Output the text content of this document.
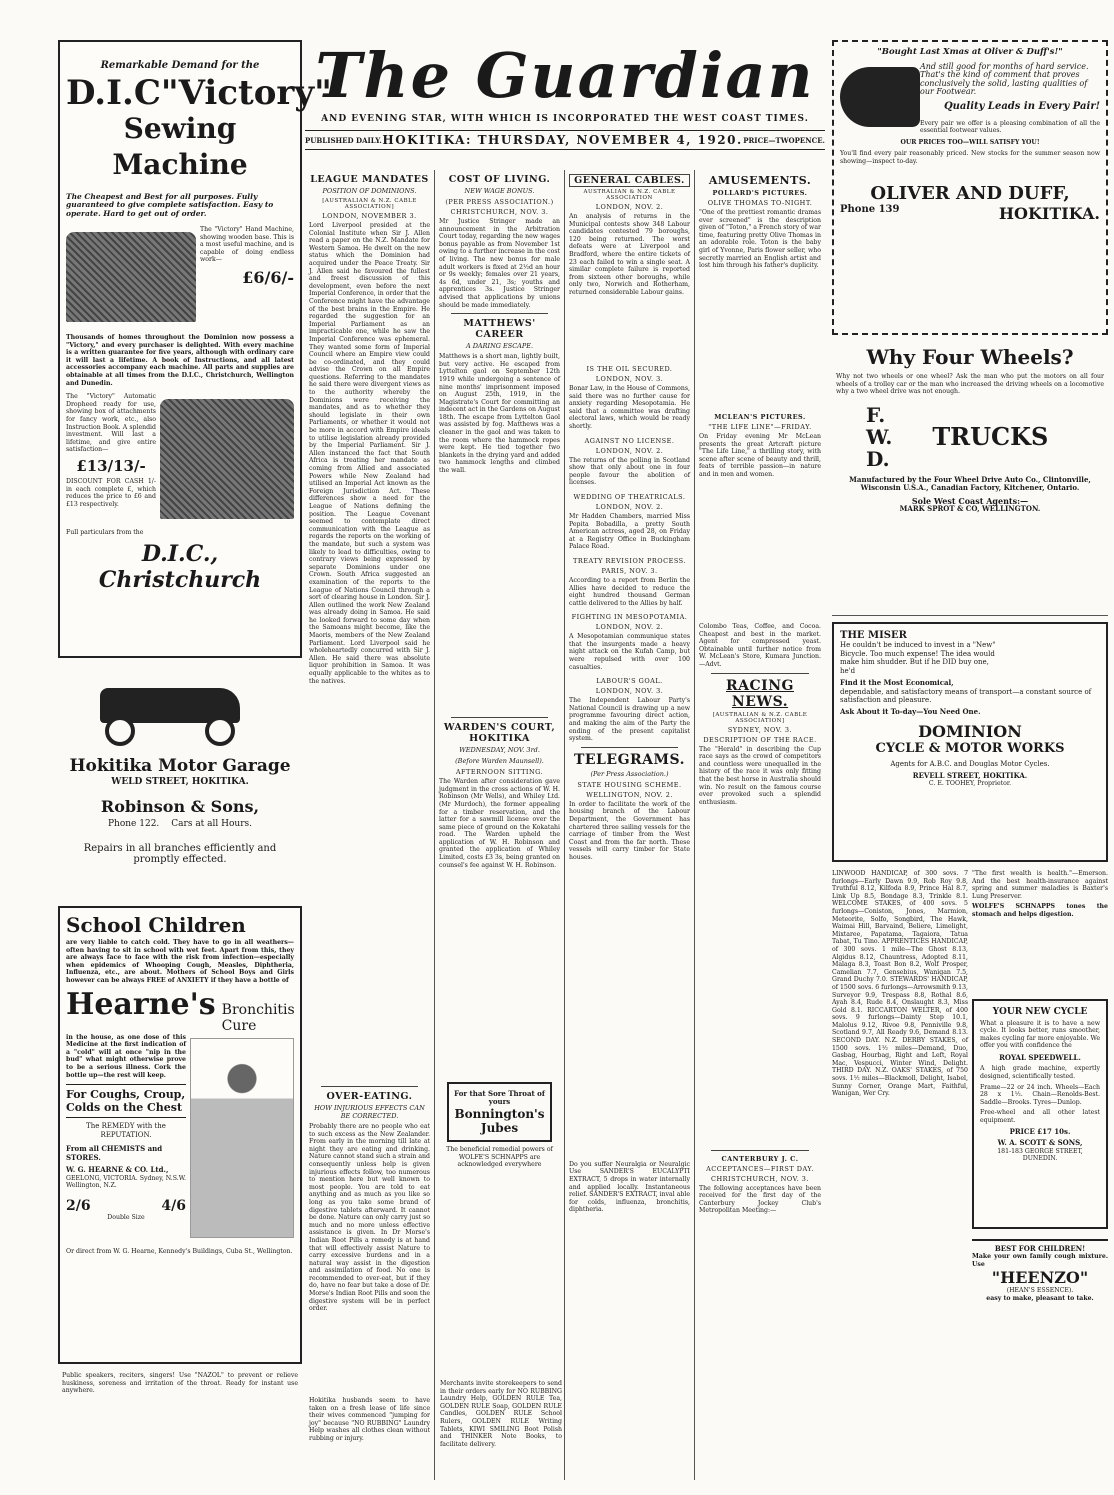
Remarkable Demand for the
D.I.C"Victory"
Sewing Machine
The Cheapest and Best for all purposes. Fully guaranteed to give complete satisfaction. Easy to operate. Hard to get out of order.
The "Victory" Hand Machine, showing wooden base. This is a most useful machine, and is capable of doing endless work—
£6/6/-
Thousands of homes throughout the Dominion now possess a "Victory," and every purchaser is delighted. With every machine is a written guarantee for five years, although with ordinary care it will last a lifetime. A book of Instructions, and all latest accessories accompany each machine. All parts and supplies are obtainable at all times from the D.I.C., Christchurch, Wellington and Dunedin.
The "Victory" Automatic Dropheed ready for use, showing box of attachments for fancy work, etc., also Instruction Book. A splendid investment. Will last a lifetime, and give entire satisfaction—
£13/13/-
DISCOUNT FOR CASH 1/- in each complete £, which reduces the price to £6 and £13 respectively.
Full particulars from the
D.I.C., Christchurch
Hokitika Motor Garage
WELD STREET, HOKITIKA.
Robinson & Sons,
Phone 122. Cars at all Hours.
Repairs in all branches efficiently and promptly effected.
School Children
are very liable to catch cold. They have to go in all weathers—often having to sit in school with wet feet. Apart from this, they are always face to face with the risk from infection—especially when epidemics of Whooping Cough, Measles, Diphtheria, Influenza, etc., are about. Mothers of School Boys and Girls however can be always FREE of ANXIETY if they have a bottle of
Hearne's Bronchitis Cure
in the house, as one dose of this Medicine at the first indication of a "cold" will at once "nip in the bud" what might otherwise prove to be a serious illness. Cork the bottle up—the rest will keep.
For Coughs, Croup, Colds on the Chest
The REMEDY with the REPUTATION.
From all CHEMISTS and STORES.
W. G. HEARNE & CO. Ltd.,
GEELONG, VICTORIA. Sydney, N.S.W. Wellington, N.Z.
2/6	4/6
Double Size
Or direct from W. G. Hearne, Kennedy's Buildings, Cuba St., Wellington.
Public speakers, reciters, singers! Use "NAZOL" to prevent or relieve huskiness, soreness and irritation of the throat. Ready for instant use anywhere.
The Guardian
AND EVENING STAR, WITH WHICH IS INCORPORATED THE WEST COAST TIMES.
PUBLISHED DAILY. HOKITIKA: THURSDAY, NOVEMBER 4, 1920. PRICE—TWOPENCE.
LEAGUE MANDATES
POSITION OF DOMINIONS.
[AUSTRALIAN & N.Z. CABLE ASSOCIATION]
LONDON, NOVEMBER 3.
Lord Liverpool presided at the Colonial Institute when Sir J. Allen read a paper on the N.Z. Mandate for Western Samoa. He dwelt on the new status which the Dominion had acquired under the Peace Treaty. Sir J. Allen said he favoured the fullest and freest discussion of this development, even before the next Imperial Conference, in order that the Conference might have the advantage of the best brains in the Empire. He regarded the suggestion for an Imperial Parliament as an impracticable one, while he saw the Imperial Conference was ephemeral. They wanted some form of Imperial Council where an Empire view could be co-ordinated, and they could advise the Crown on all Empire questions. Referring to the mandates he said there were divergent views as to the authority whereby the Dominions were receiving the mandates, and as to whether they should legislate in their own Parliaments, or whether it would not be more in accord with Empire ideals to utilise legislation already provided by the Imperial Parliament. Sir J. Allen instanced the fact that South Africa is treating her mandate as coming from Allied and associated Powers while New Zealand had utilised an Imperial Act known as the Foreign Jurisdiction Act. These differences show a need for the League of Nations defining the position. The League Covenant seemed to contemplate direct communication with the League as regards the reports on the working of the mandate, but such a system was likely to lead to difficulties, owing to contrary views being expressed by separate Dominions under one Crown. South Africa suggested an examination of the reports to the League of Nations Council through a sort of clearing house in London. Sir J. Allen outlined the work New Zealand was already doing in Samoa. He said he looked forward to some day when the Samoans might become, like the Maoris, members of the New Zealand Parliament. Lord Liverpool said he wholeheartedly concurred with Sir J. Allen. He said there was absolute liquor prohibition in Samoa. It was equally applicable to the whites as to the natives.
OVER-EATING.
HOW INJURIOUS EFFECTS CAN BE CORRECTED.
Probably there are no people who eat to such excess as the New Zealander. From early in the morning till late at night they are eating and drinking. Nature cannot stand such a strain and consequently unless help is given injurious effects follow, too numerous to mention here but well known to most people. You are told to eat anything and as much as you like so long as you take some brand of digestive tablets afterward. It cannot be done. Nature can only carry just so much and no more unless effective assistance is given. In Dr Morse's Indian Root Pills a remedy is at hand that will effectively assist Nature to carry excessive burdens and in a natural way assist in the digestion and assimilation of food. No one is recommended to over-eat, but if they do, have no fear but take a dose of Dr. Morse's Indian Root Pills and soon the digestive system will be in perfect order.
Hokitika husbands seem to have taken on a fresh lease of life since their wives commenced "jumping for joy" because "NO RUBBING" Laundry Help washes all clothes clean without rubbing or injury.
COST OF LIVING.
NEW WAGE BONUS.
(PER PRESS ASSOCIATION.)
CHRISTCHURCH, NOV. 3.
Mr Justice Stringer made an announcement in the Arbitration Court today, regarding the new wages bonus payable as from November 1st owing to a further increase in the cost of living. The new bonus for male adult workers is fixed at 2½d an hour or 9s weekly; females over 21 years, 4s 6d, under 21, 3s; youths and apprentices 3s. Justice Stringer advised that applications by unions should be made immediately.
MATTHEWS' CAREER
A DARING ESCAPE.
Matthews is a short man, lightly built, but very active. He escaped from Lyttelton gaol on September 12th 1919 while undergoing a sentence of nine months' imprisonment imposed on August 25th, 1919, in the Magistrate's Court for committing an indecent act in the Gardens on August 18th. The escape from Lyttelton Gaol was assisted by fog. Matthews was a cleaner in the gaol and was taken to the room where the hammock ropes were kept. He tied together two blankets in the drying yard and added two hammock lengths and climbed the wall.
WARDEN'S COURT, HOKITIKA
WEDNESDAY, NOV. 3rd.
(Before Warden Maunsell).
AFTERNOON SITTING.
The Warden after consideration gave judgment in the cross actions of W. H. Robinson (Mr Wells), and Whiley Ltd. (Mr Murdoch), the former appealing for a timber reservation, and the latter for a sawmill license over the same piece of ground on the Kokatahi road. The Warden upheld the application of W. H. Robinson and granted the application of Whiley Limited, costs £3 3s, being granted on counsel's fee against W. H. Robinson.
For that Sore Throat of yours
Bonnington's Jubes
The beneficial remedial powers of WOLFE'S SCHNAPPS are acknowledged everywhere
GENERAL CABLES.
AUSTRALIAN & N.Z. CABLE ASSOCIATION
LONDON, NOV. 2.
An analysis of returns in the Municipal contests show 348 Labour candidates contested 79 boroughs, 120 being returned. The worst defeats were at Liverpool and Bradford, where the entire tickets of 23 each failed to win a single seat. A similar complete failure is reported from sixteen other boroughs, while only two, Norwich and Rotherham, returned considerable Labour gains.
IS THE OIL SECURED.
LONDON, NOV. 3.
Bonar Law, in the House of Commons, said there was no further cause for anxiety regarding Mesopotamia. He said that a committee was drafting electoral laws, which would be ready shortly.
AGAINST NO LICENSE.
LONDON, NOV. 2.
The returns of the polling in Scotland show that only about one in four people favour the abolition of licenses.
WEDDING OF THEATRICALS.
LONDON, NOV. 2.
Mr Hadden Chambers, married Miss Pepita Bobadilla, a pretty South American actress, aged 28, on Friday at a Registry Office in Buckingham Palace Road.
TREATY REVISION PROCESS.
PARIS, NOV. 3.
According to a report from Berlin the Allies have decided to reduce the eight hundred thousand German cattle delivered to the Allies by half.
FIGHTING IN MESOPOTAMIA.
LONDON, NOV. 2.
A Mesopotamian communique states that the insurgents made a heavy night attack on the Kufah Camp, but were repulsed with over 100 casualties.
LABOUR'S GOAL.
LONDON, NOV. 3.
The Independent Labour Party's National Council is drawing up a new programme favouring direct action, and making the aim of the Party the ending of the present capitalist system.
TELEGRAMS.
(Per Press Association.)
STATE HOUSING SCHEME.
WELLINGTON, NOV. 2.
In order to facilitate the work of the housing branch of the Labour Department, the Government has chartered three sailing vessels for the carriage of timber from the West Coast and from the far north. These vessels will carry timber for State houses.
Do you suffer Neuralgia or Neuralgic Use SANDER'S EUCALYPTI EXTRACT, 5 drops in water internally and applied locally. Instantaneous relief. SANDER'S EXTRACT, inval able for colds, influenza, bronchitis, diphtheria.
AMUSEMENTS.
POLLARD'S PICTURES.
OLIVE THOMAS TO-NIGHT.
"One of the prettiest romantic dramas ever screened" is the description given of "Toton," a French story of war time, featuring pretty Olive Thomas in an adorable role. Toton is the baby girl of Yvonne, Paris flower seller, who secretly married an English artist and lost him through his father's duplicity.
MCLEAN'S PICTURES.
"THE LIFE LINE"—FRIDAY.
On Friday evening Mr McLean presents the great Artcraft picture "The Life Line," a thrilling story, with scene after scene of beauty and thrill, feats of terrible passion—in nature and in men and women.
Colombo Teas, Coffee, and Cocoa. Cheapest and best in the market. Agent for compressed yeast. Obtainable until further notice from W. McLean's Store, Kumara Junction.—Advt.
RACING NEWS.
[AUSTRALIAN & N.Z. CABLE ASSOCIATION]
SYDNEY, NOV. 3.
DESCRIPTION OF THE RACE.
The "Herald" in describing the Cup race says as the crowd of competitors and countless were unequalled in the history of the race it was only fitting that the best horse in Australia should win. No result on the famous course ever provoked such a splendid enthusiasm.
CANTERBURY J. C.
ACCEPTANCES—FIRST DAY.
CHRISTCHURCH, NOV. 3.
The following acceptances have been received for the first day of the Canterbury Jockey Club's Metropolitan Meeting:—
"Bought Last Xmas at Oliver & Duff's!"
And still good for months of hard service. That's the kind of comment that proves conclusively the solid, lasting qualities of our Footwear.
Quality Leads in Every Pair!
Every pair we offer is a pleasing combination of all the essential footwear values.
OUR PRICES TOO—WILL SATISFY YOU!
You'll find every pair reasonably priced. New stocks for the summer season now showing—inspect to-day.
OLIVER AND DUFF,
Phone 139	HOKITIKA.
Why Four Wheels?
Why not two wheels or one wheel? Ask the man who put the motors on all four wheels of a trolley car or the man who increased the driving wheels on a locomotive why a two wheel drive was not enough.
F.
W.
D.
TRUCKS
Manufactured by the Four Wheel Drive Auto Co., Clintonville, Wisconsin U.S.A., Canadian Factory, Kitchener, Ontario.
Sole West Coast Agents:—
MARK SPROT & CO, WELLINGTON.
THE MISER
He couldn't be induced to invest in a "New" Bicycle. Too much expense! The idea would make him shudder. But if he DID buy one, he'd
Find it the Most Economical,
dependable, and satisfactory means of transport—a constant source of satisfaction and pleasure.
Ask About it To-day—You Need One.
DOMINION
CYCLE & MOTOR WORKS
Agents for A.B.C. and Douglas Motor Cycles.
REVELL STREET, HOKITIKA.
C. E. TOOHEY, Proprietor.
LINWOOD HANDICAP, of 300 sovs. 7 furlongs—Early Dawn 9.9, Rob Roy 9.8, Truthful 8.12, Kilfoda 8.9, Prince Hal 8.7, Link Up 8.5, Bondage 8.3, Trinkle 8.1. WELCOME STAKES, of 400 sovs. 5 furlongs—Coniston, Jones, Marmion, Meteorite, Solfo, Songbird, The Hawk, Waimai Hill, Barvaind, Beliere, Limelight, Mixtaree, Papatama, Tagaiora, Tatua Tabat, Tu Tino. APPRENTICES HANDICAP, of 300 sovs. 1 mile—The Ghost 8.13, Algidus 8.12, Chauntress, Adopted 8.11, Malaga 8.3, Toast Bon 8.2, Wolf Prosper, Camelian 7.7, Gensebius, Wanigan 7.5, Grand Duchy 7.0. STEWARDS' HANDICAP, of 1500 sovs. 6 furlongs—Arrowsmith 9.13, Surveyor 9.9, Trespass 8.8, Rothal 8.6, Ayah 8.4, Rude 8.4, Onslaught 8.3, Miss Gold 8.1. RICCARTON WELTER, of 400 sovs. 9 furlongs—Dainty Step 10.1, Malolus 9.12, Rivoe 9.8, Penniville 9.8, Scotland 9.7, All Ready 9.6, Demand 8.13. SECOND DAY. N.Z. DERBY STAKES, of 1500 sovs. 1½ miles—Demand, Duo, Gasbag, Hourbag, Right and Left, Royal Mac, Vespucci, Winter Wind, Delight. THIRD DAY. N.Z. OAKS' STAKES, of 750 sovs. 1½ miles—Blackmoll, Delight, Isabel, Sunny Corner, Orange Mart, Faithful, Wanigan, Wer Cry.
"The first wealth is health."—Emerson. And the best health-insurance against spring and summer maladies is Baxter's Lung Preserver.
WOLFE'S SCHNAPPS tones the stomach and helps digestion.
YOUR NEW CYCLE
What a pleasure it is to have a new cycle. It looks better, runs smoother, makes cycling far more enjoyable. We offer you with confidence the
ROYAL SPEEDWELL.
A high grade machine, expertly designed, scientifically tested.
Frame—22 or 24 inch. Wheels—Each 28 x 1½. Chain—Renolds-Best. Saddle—Brooks. Tyres—Dunlop.
Free-wheel and all other latest equipment.
PRICE £17 10s.
W. A. SCOTT & SONS,
181-183 GEORGE STREET, DUNEDIN.
BEST FOR CHILDREN!
Make your own family cough mixture. Use
"HEENZO"
(HEAN'S ESSENCE).
easy to make, pleasant to take.
Merchants invite storekeepers to send in their orders early for NO RUBBING Laundry Help, GOLDEN RULE Tea, GOLDEN RULE Soap, GOLDEN RULE Candles, GOLDEN RULE School Rulers, GOLDEN RULE Writing Tablets, KIWI SMILING Boot Polish and THINKER Note Books, to facilitate delivery.
